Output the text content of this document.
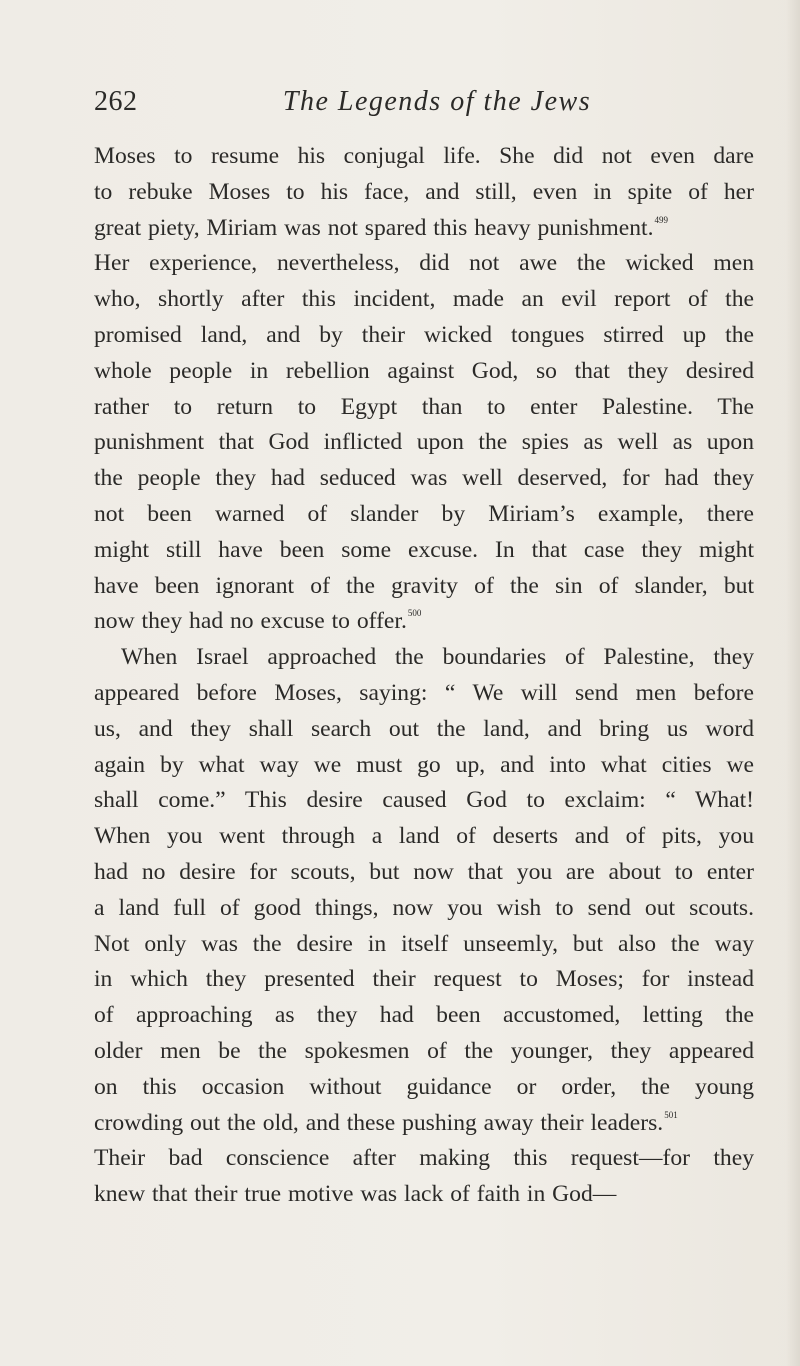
262	The Legends of the Jews
Moses to resume his conjugal life. She did not even dare
to rebuke Moses to his face, and still, even in spite of her
great piety, Miriam was not spared this heavy punishment.$^{499}$
Her experience, nevertheless, did not awe the wicked men
who, shortly after this incident, made an evil report of the
promised land, and by their wicked tongues stirred up the
whole people in rebellion against God, so that they desired
rather to return to Egypt than to enter Palestine. The
punishment that God inflicted upon the spies as well as upon
the people they had seduced was well deserved, for had they
not been warned of slander by Miriam’s example, there
might still have been some excuse. In that case they might
have been ignorant of the gravity of the sin of slander, but
now they had no excuse to offer.$^{500}$
When Israel approached the boundaries of Palestine, they
appeared before Moses, saying: “ We will send men before
us, and they shall search out the land, and bring us word
again by what way we must go up, and into what cities we
shall come.” This desire caused God to exclaim: “ What!
When you went through a land of deserts and of pits, you
had no desire for scouts, but now that you are about to enter
a land full of good things, now you wish to send out scouts.
Not only was the desire in itself unseemly, but also the way
in which they presented their request to Moses; for instead
of approaching as they had been accustomed, letting the
older men be the spokesmen of the younger, they appeared
on this occasion without guidance or order, the young
crowding out the old, and these pushing away their leaders.$^{501}$
Their bad conscience after making this request—for they
knew that their true motive was lack of faith in God—
